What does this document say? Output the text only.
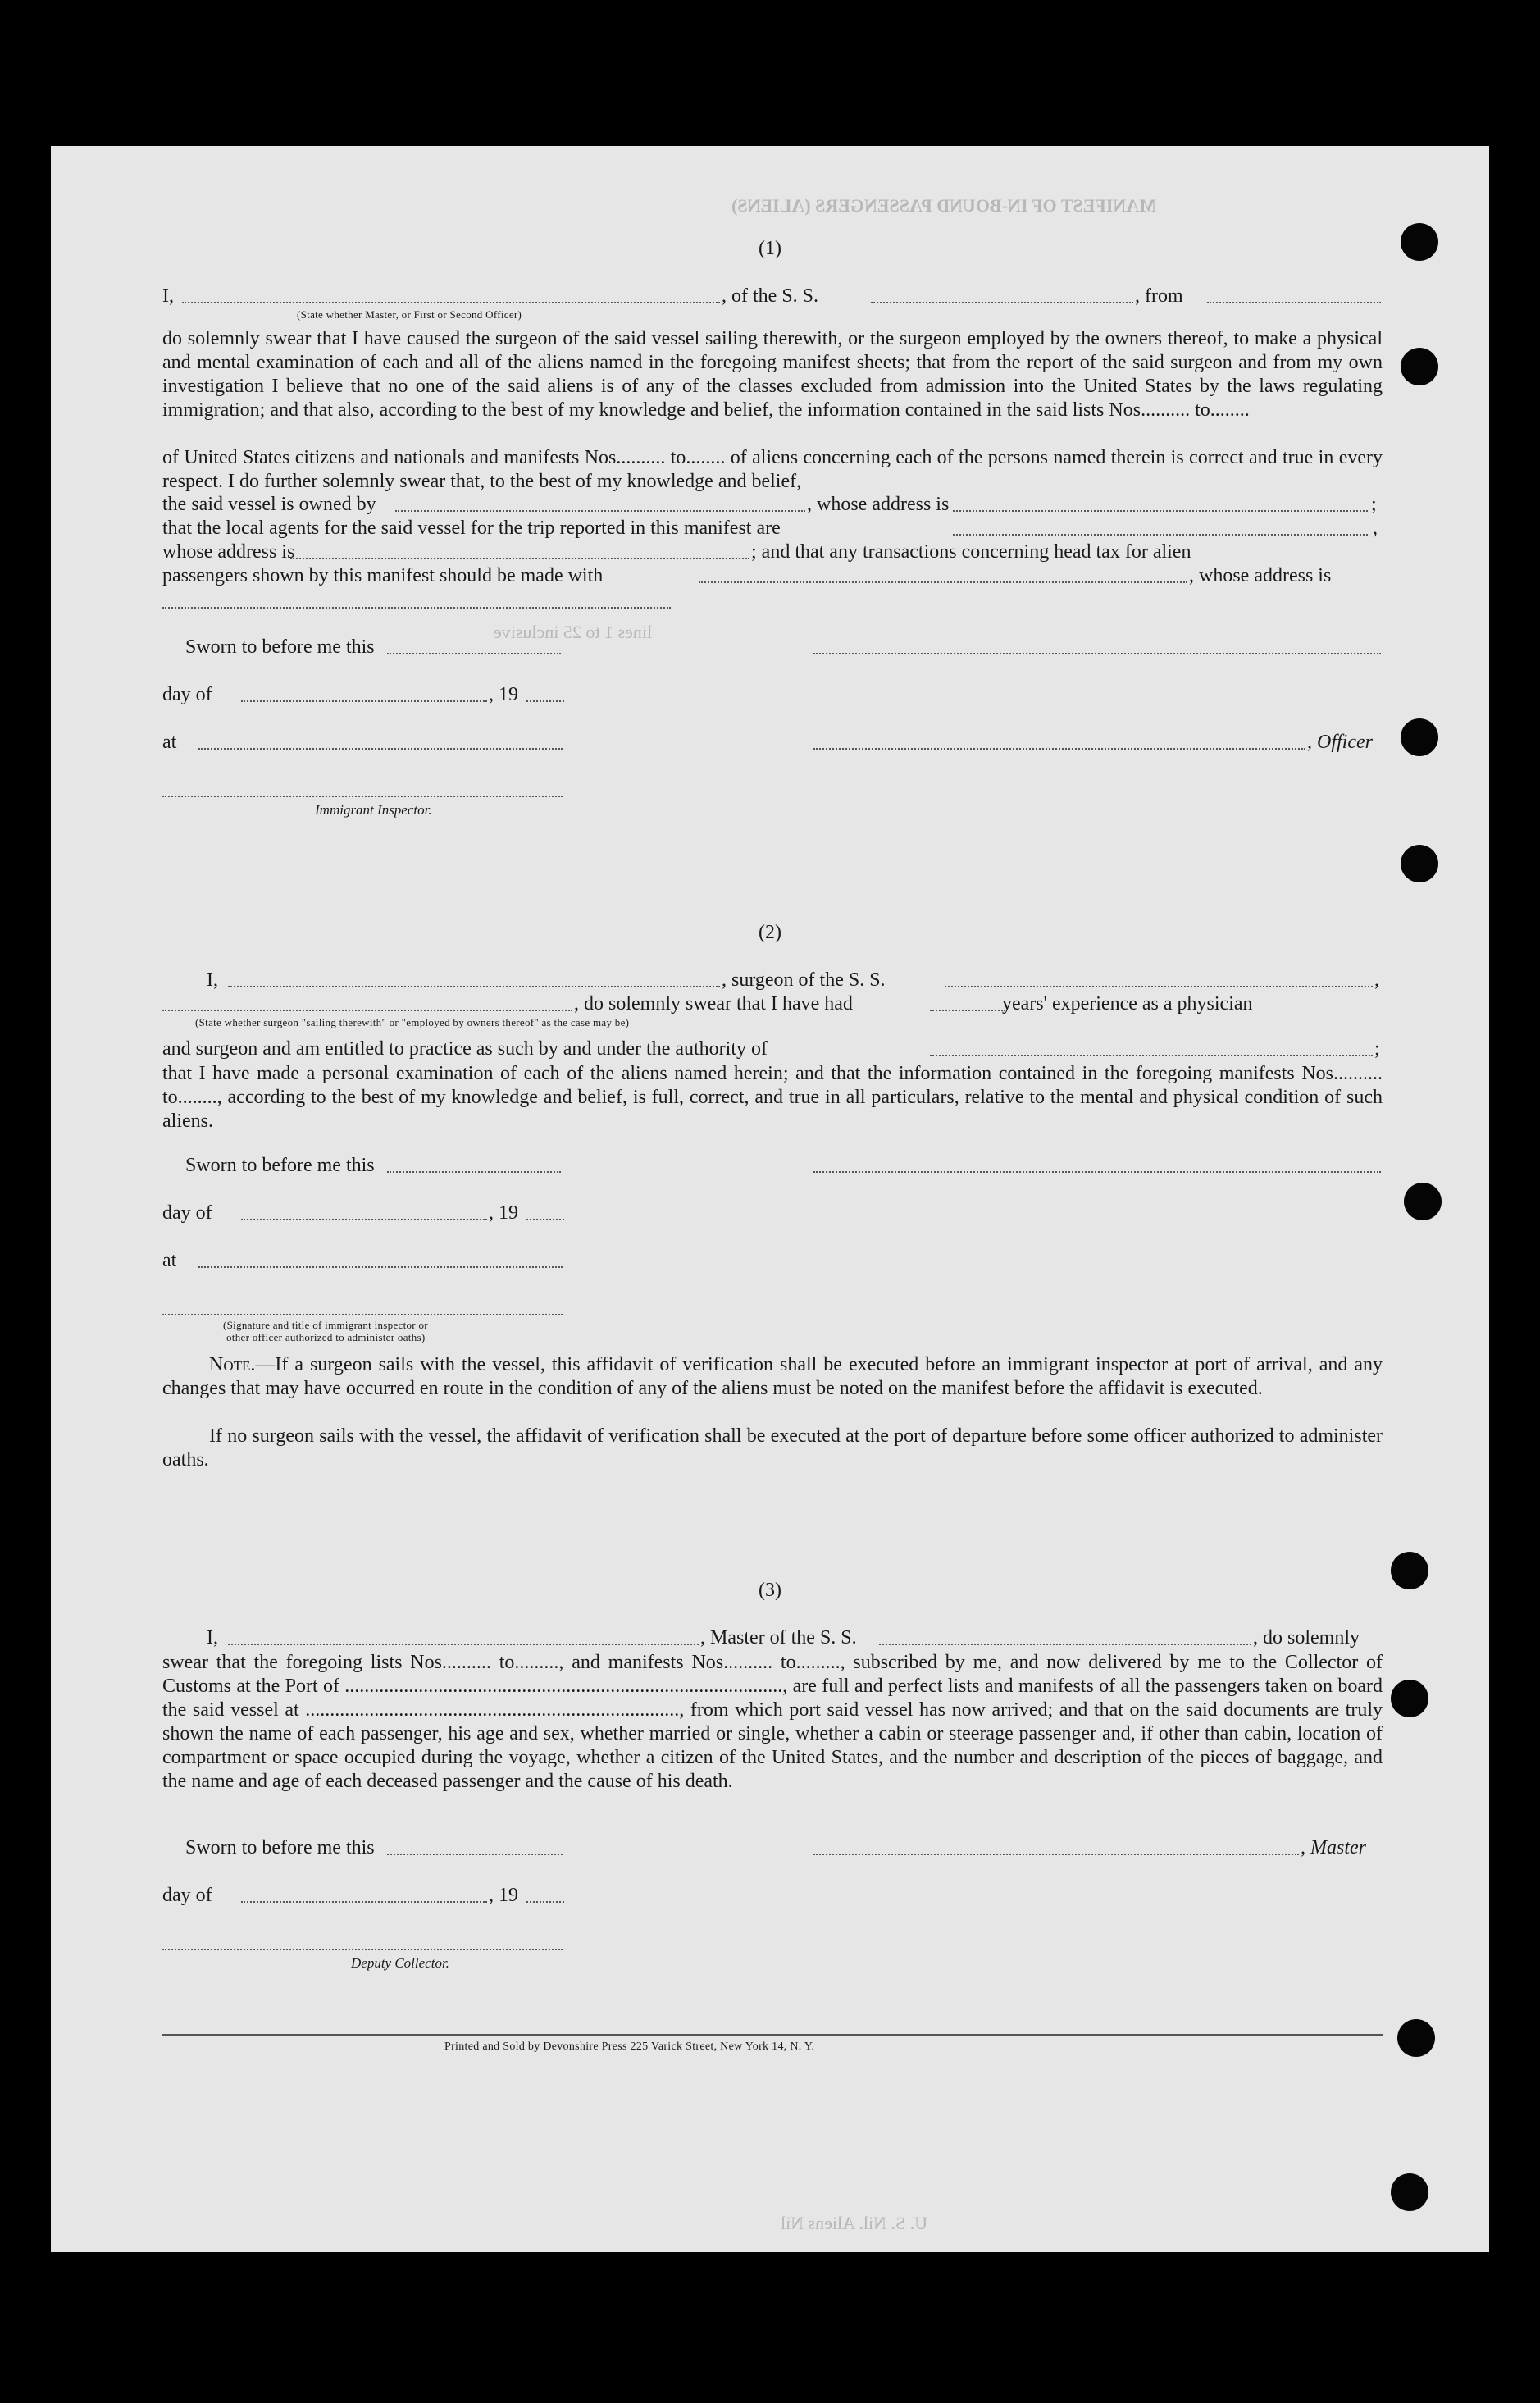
MANIFEST OF IN-BOUND PASSENGERS (ALIENS)
lines 1 to 25 inclusive
U. S. Nil. Aliens Nil
(1)
I,	, of the S. S.	, from
(State whether Master, or First or Second Officer)
do solemnly swear that I have caused the surgeon of the said vessel sailing therewith, or the surgeon employed by the owners thereof, to make a physical and mental examination of each and all of the aliens named in the foregoing manifest sheets; that from the report of the said surgeon and from my own investigation I believe that no one of the said aliens is of any of the classes excluded from admission into the United States by the laws regulating immigration; and that also, according to the best of my knowledge and belief, the information contained in the said lists Nos.......... to........
of United States citizens and nationals and manifests Nos.......... to........ of aliens concerning each of the persons named therein is correct and true in every respect. I do further solemnly swear that, to the best of my knowledge and belief,
the said vessel is owned by	, whose address is	;
that the local agents for the said vessel for the trip reported in this manifest are	,
whose address is	; and that any transactions concerning head tax for alien
passengers shown by this manifest should be made with	, whose address is
Sworn to before me this
day of	, 19
at	, Officer
Immigrant Inspector.
(2)
I,	, surgeon of the S. S.	,
, do solemnly swear that I have had	years' experience as a physician
(State whether surgeon "sailing therewith" or "employed by owners thereof" as the case may be)
and surgeon and am entitled to practice as such by and under the authority of	;
that I have made a personal examination of each of the aliens named herein; and that the information contained in the foregoing manifests Nos.......... to........, according to the best of my knowledge and belief, is full, correct, and true in all particulars, relative to the mental and physical condition of such aliens.
Sworn to before me this
day of	, 19
at
(Signature and title of immigrant inspector or
other officer authorized to administer oaths)
Note.—If a surgeon sails with the vessel, this affidavit of verification shall be executed before an immigrant inspector at port of arrival, and any changes that may have occurred en route in the condition of any of the aliens must be noted on the manifest before the affidavit is executed.
If no surgeon sails with the vessel, the affidavit of verification shall be executed at the port of departure before some officer authorized to administer oaths.
(3)
I,	, Master of the S. S.	, do solemnly
swear that the foregoing lists Nos.......... to........., and manifests Nos.......... to........., subscribed by me, and now delivered by me to the Collector of Customs at the Port of ........................................................................................., are full and perfect lists and manifests of all the passengers taken on board the said vessel at ............................................................................, from which port said vessel has now arrived; and that on the said documents are truly shown the name of each passenger, his age and sex, whether married or single, whether a cabin or steerage passenger and, if other than cabin, location of compartment or space occupied during the voyage, whether a citizen of the United States, and the number and description of the pieces of baggage, and the name and age of each deceased passenger and the cause of his death.
Sworn to before me this	, Master
day of	, 19
Deputy Collector.
Printed and Sold by Devonshire Press 225 Varick Street, New York 14, N. Y.
